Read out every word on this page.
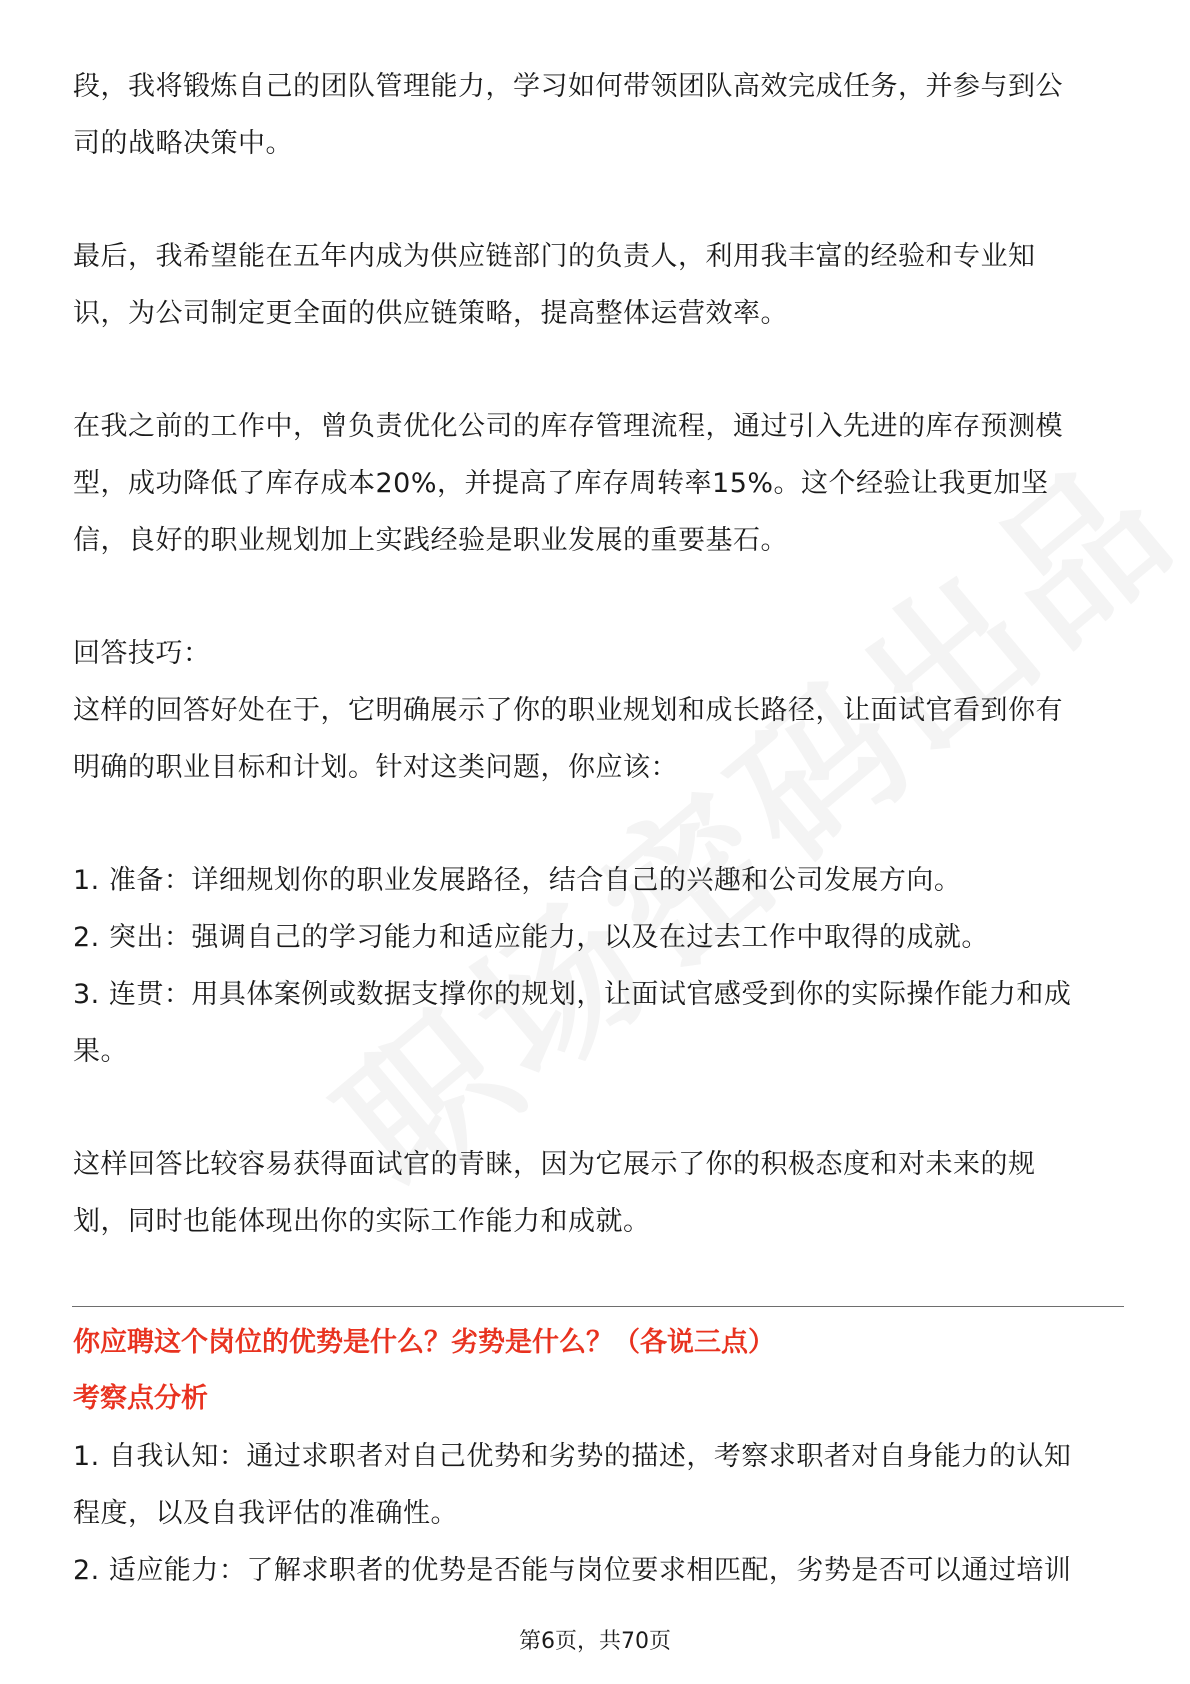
段，我将锻炼自己的团队管理能力，学习如何带领团队高效完成任务，并参与到公

司的战略决策中。

最后，我希望能在五年内成为供应链部门的负责人，利用我丰富的经验和专业知

识，为公司制定更全面的供应链策略，提高整体运营效率。

在我之前的工作中，曾负责优化公司的库存管理流程，通过引入先进的库存预测模

型，成功降低了库存成本20%，并提高了库存周转率15%。这个经验让我更加坚

信，良好的职业规划加上实践经验是职业发展的重要基石。

回答技巧：

这样的回答好处在于，它明确展示了你的职业规划和成长路径，让面试官看到你有

明确的职业目标和计划。针对这类问题，你应该：

1. 准备：详细规划你的职业发展路径，结合自己的兴趣和公司发展方向。

2. 突出：强调自己的学习能力和适应能力，以及在过去工作中取得的成就。

3. 连贯：用具体案例或数据支撑你的规划，让面试官感受到你的实际操作能力和成

果。

这样回答比较容易获得面试官的青睐，因为它展示了你的积极态度和对未来的规

划，同时也能体现出你的实际工作能力和成就。

你应聘这个岗位的优势是什么？劣势是什么？（各说三点）

考察点分析

1. 自我认知：通过求职者对自己优势和劣势的描述，考察求职者对自身能力的认知

程度，以及自我评估的准确性。

2. 适应能力：了解求职者的优势是否能与岗位要求相匹配，劣势是否可以通过培训

第6页，共70页
